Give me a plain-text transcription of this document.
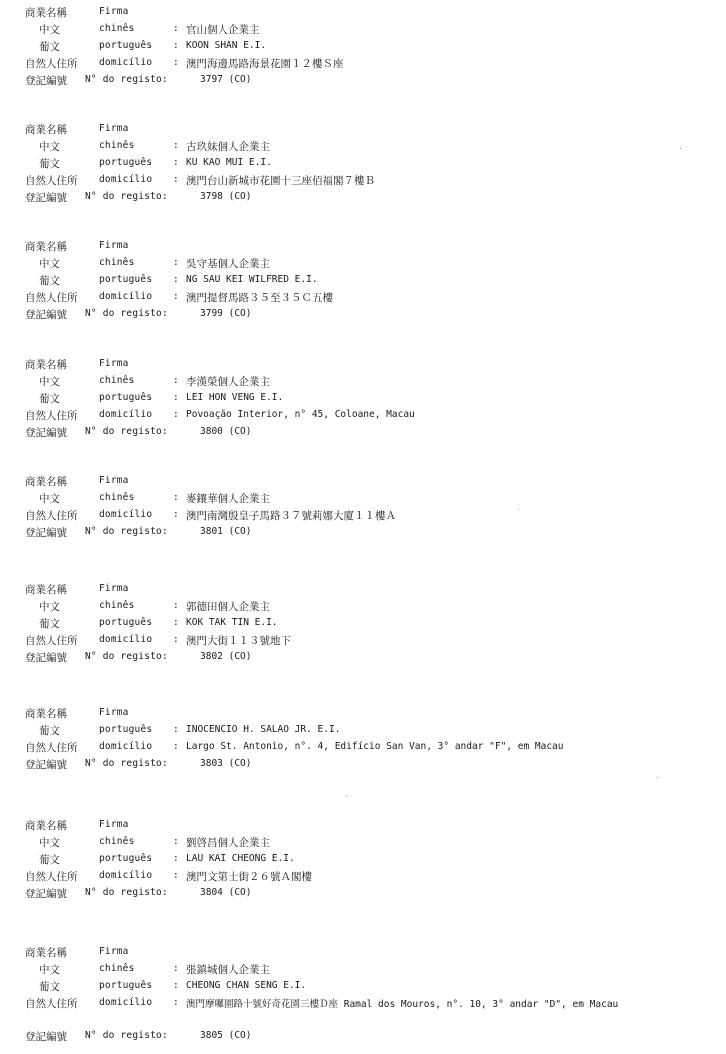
商業名稱	Firma
中文	chinês	: 官山個人企業主
葡文	português : KOON SHAN E.I.
自然人住所 domicílio : 澳門海邊馬路海景花園１２樓Ｓ座
登記編號 N° do registo:	3797 (CO)
商業名稱	Firma
中文	chinês	: 古玖妹個人企業主
葡文	português : KU KAO MUI E.I.
自然人住所 domicílio : 澳門台山新城市花園十三座佰福閣７樓Ｂ
登記編號 N° do registo:	3798 (CO)
商業名稱	Firma
中文	chinês	: 吳守基個人企業主
葡文	português : NG SAU KEI WILFRED E.I.
自然人住所 domicílio : 澳門提督馬路３５至３５Ｃ五樓
登記編號 N° do registo:	3799 (CO)
商業名稱	Firma
中文	chinês	: 李漢榮個人企業主
葡文	português : LEI HON VENG E.I.
自然人住所 domicílio : Povoação Interior, n° 45, Coloane, Macau
登記編號 N° do registo:	3800 (CO)
商業名稱	Firma
中文	chinês	: 麥鑲華個人企業主
自然人住所 domicílio : 澳門南灣殷皇子馬路３７號莉娜大廈１１樓Ａ
登記編號 N° do registo:	3801 (CO)
商業名稱	Firma
中文	chinês	: 郭德田個人企業主
葡文	português : KOK TAK TIN E.I.
自然人住所 domicílio : 澳門大街１１３號地下
登記編號 N° do registo:	3802 (CO)
商業名稱	Firma
葡文	português : INOCENCIO H. SALAO JR. E.I.
自然人住所 domicílio : Largo St. Antonio, n°. 4, Edifício San Van, 3° andar "F", em Macau
登記編號 N° do registo:	3803 (CO)
商業名稱	Firma
中文	chinês	: 劉啓昌個人企業主
葡文	português : LAU KAI CHEONG E.I.
自然人住所 domicílio : 澳門文第士街２６號Ａ閣樓
登記編號 N° do registo:	3804 (CO)
商業名稱	Firma
中文	chinês	: 張鎮城個人企業主
葡文	português : CHEONG CHAN SENG E.I.
自然人住所 domicílio : 澳門摩囉園路十號好奇花園三樓Ｄ座 Ramal dos Mouros, n°. 10, 3° andar "D", em Macau
登記編號 N° do registo:	3805 (CO)
